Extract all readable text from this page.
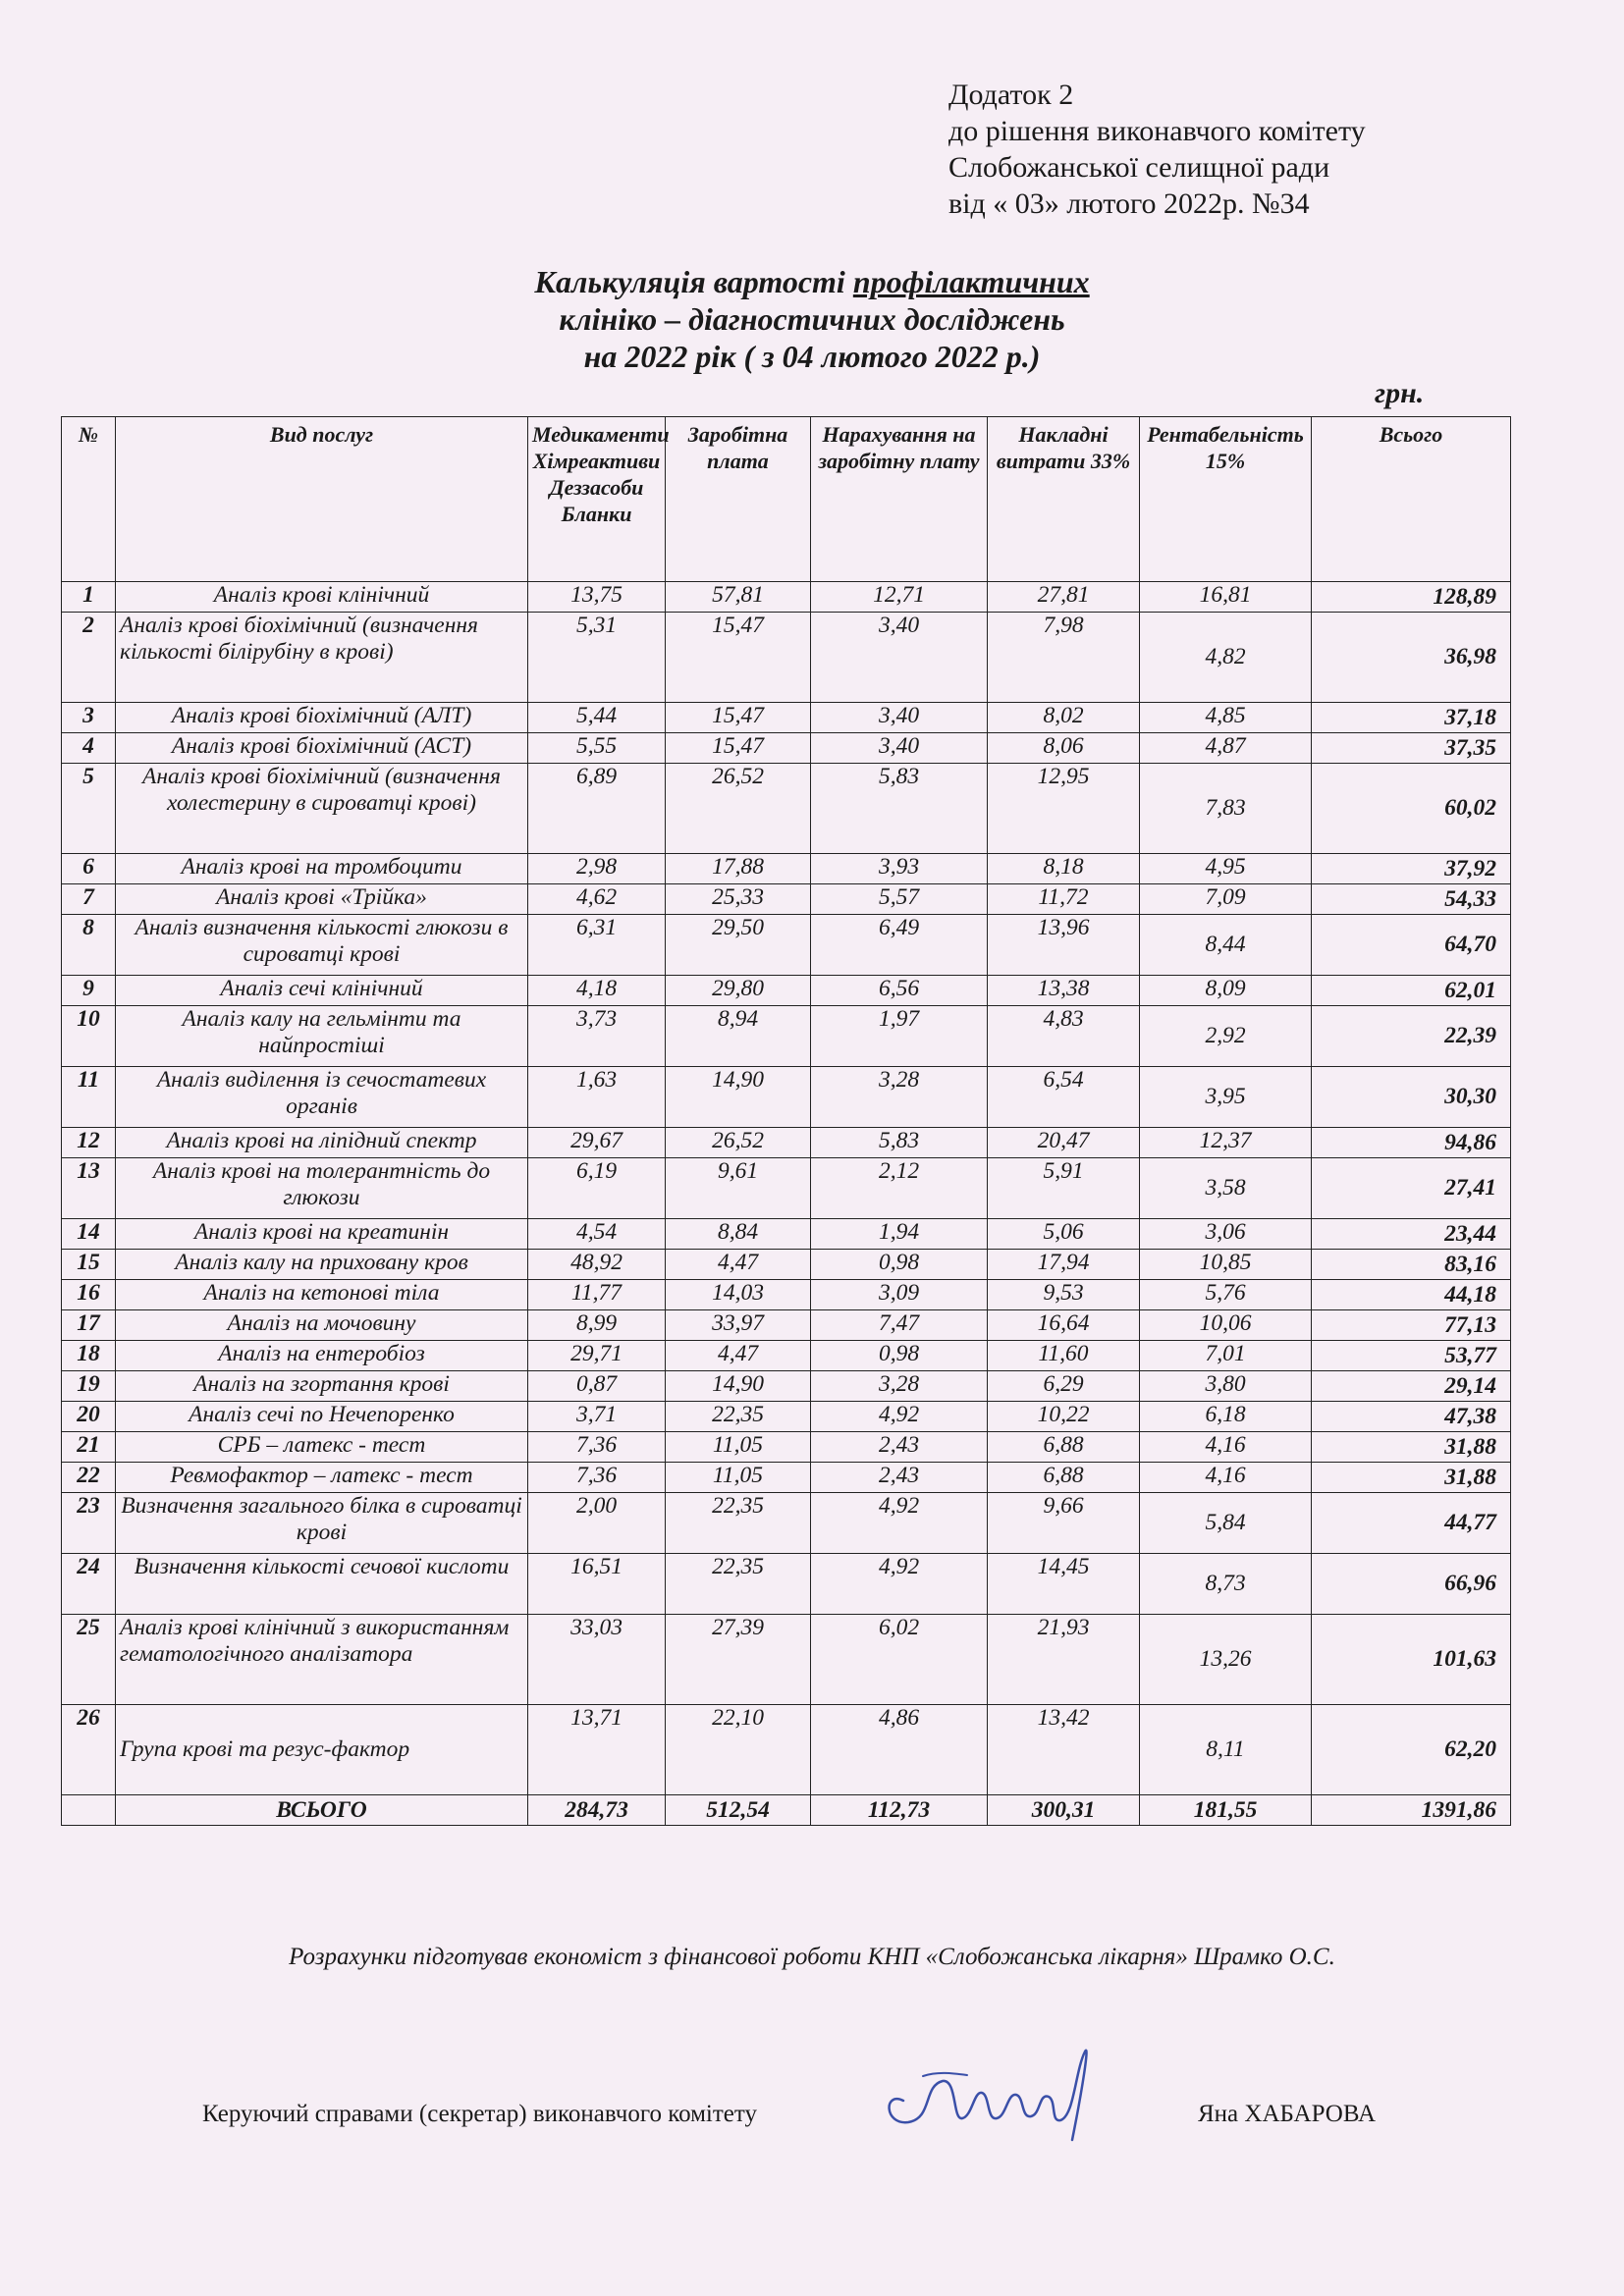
Додаток 2
до рішення виконавчого комітету
Слобожанської селищної ради
від « 03» лютого 2022р. №34
Калькуляція вартості профілактичних
клініко – діагностичних досліджень
на 2022 рік ( з 04 лютого 2022 р.)
грн.
№	Вид послуг	Медикаменти Хімреактиви Деззасоби Бланки	Заробітна плата	Нарахування на заробітну плату	Накладні витрати 33%	Рентабельність 15%	Всього
1	Аналіз крові клінічний	13,75	57,81	12,71	27,81	16,81	128,89
2	Аналіз крові біохімічний (визначення кількості білірубіну в крові)	5,31	15,47	3,40	7,98	4,82	36,98
3	Аналіз крові біохімічний (АЛТ)	5,44	15,47	3,40	8,02	4,85	37,18
4	Аналіз крові біохімічний (АСТ)	5,55	15,47	3,40	8,06	4,87	37,35
5	Аналіз крові біохімічний (визначення холестерину в сироватці крові)	6,89	26,52	5,83	12,95	7,83	60,02
6	Аналіз крові на тромбоцити	2,98	17,88	3,93	8,18	4,95	37,92
7	Аналіз крові «Трійка»	4,62	25,33	5,57	11,72	7,09	54,33
8	Аналіз визначення кількості глюкози в сироватці крові	6,31	29,50	6,49	13,96	8,44	64,70
9	Аналіз сечі клінічний	4,18	29,80	6,56	13,38	8,09	62,01
10	Аналіз калу на гельмінти та найпростіші	3,73	8,94	1,97	4,83	2,92	22,39
11	Аналіз виділення із сечостатевих органів	1,63	14,90	3,28	6,54	3,95	30,30
12	Аналіз крові на ліпідний спектр	29,67	26,52	5,83	20,47	12,37	94,86
13	Аналіз крові на толерантність до глюкози	6,19	9,61	2,12	5,91	3,58	27,41
14	Аналіз крові на креатинін	4,54	8,84	1,94	5,06	3,06	23,44
15	Аналіз калу на приховану кров	48,92	4,47	0,98	17,94	10,85	83,16
16	Аналіз на кетонові тіла	11,77	14,03	3,09	9,53	5,76	44,18
17	Аналіз на мочовину	8,99	33,97	7,47	16,64	10,06	77,13
18	Аналіз на ентеробіоз	29,71	4,47	0,98	11,60	7,01	53,77
19	Аналіз на згортання крові	0,87	14,90	3,28	6,29	3,80	29,14
20	Аналіз сечі по Нечепоренко	3,71	22,35	4,92	10,22	6,18	47,38
21	СРБ – латекс - тест	7,36	11,05	2,43	6,88	4,16	31,88
22	Ревмофактор – латекс - тест	7,36	11,05	2,43	6,88	4,16	31,88
23	Визначення загального білка в сироватці крові	2,00	22,35	4,92	9,66	5,84	44,77
24	Визначення кількості сечової кислоти	16,51	22,35	4,92	14,45	8,73	66,96
25	Аналіз крові клінічний з використанням гематологічного аналізатора	33,03	27,39	6,02	21,93	13,26	101,63
26	Група крові та резус-фактор	13,71	22,10	4,86	13,42	8,11	62,20
	ВСЬОГО	284,73	512,54	112,73	300,31	181,55	1391,86
Розрахунки підготував економіст з фінансової роботи КНП «Слобожанська лікарня» Шрамко О.С.
Керуючий справами (секретар) виконавчого комітету	Яна ХАБАРОВА
